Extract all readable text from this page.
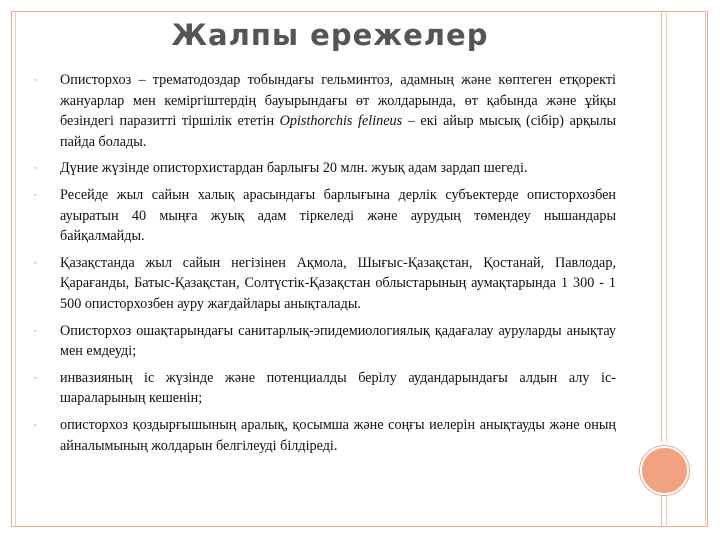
Жалпы ережелер
◦ Описторхоз – трематодоздар тобындағы гельминтоз, адамның және көптеген етқоректі жануарлар мен кеміргіштердің бауырындағы өт жолдарында, өт қабында және ұйқы безіндегі паразитті тіршілік ететін Opisthorchis felineus – екі айыр мысық (сібір) арқылы пайда болады.
◦ Дүние жүзінде описторхистардан барлығы 20 млн. жуық адам зардап шегеді.
◦ Ресейде жыл сайын халық арасындағы барлығына дерлік субъектерде описторхозбен ауыратын 40 мыңға жуық адам тіркеледі және аурудың төмендеу нышандары байқалмайды.
◦ Қазақстанда жыл сайын негізінен Ақмола, Шығыс-Қазақстан, Қостанай, Павлодар, Қарағанды, Батыс-Қазақстан, Солтүстік-Қазақстан облыстарының аумақтарында 1 300 - 1 500 описторхозбен ауру жағдайлары анықталады.
◦ Описторхоз ошақтарындағы санитарлық-эпидемиологиялық қадағалау ауруларды анықтау мен емдеуді;
◦ инвазияның іс жүзінде және потенциалды берілу аудандарындағы алдын алу іс-шараларының кешенін;
◦ описторхоз қоздырғышының аралық, қосымша және соңғы иелерін анықтауды және оның айналымының жолдарын белгілеуді білдіреді.
